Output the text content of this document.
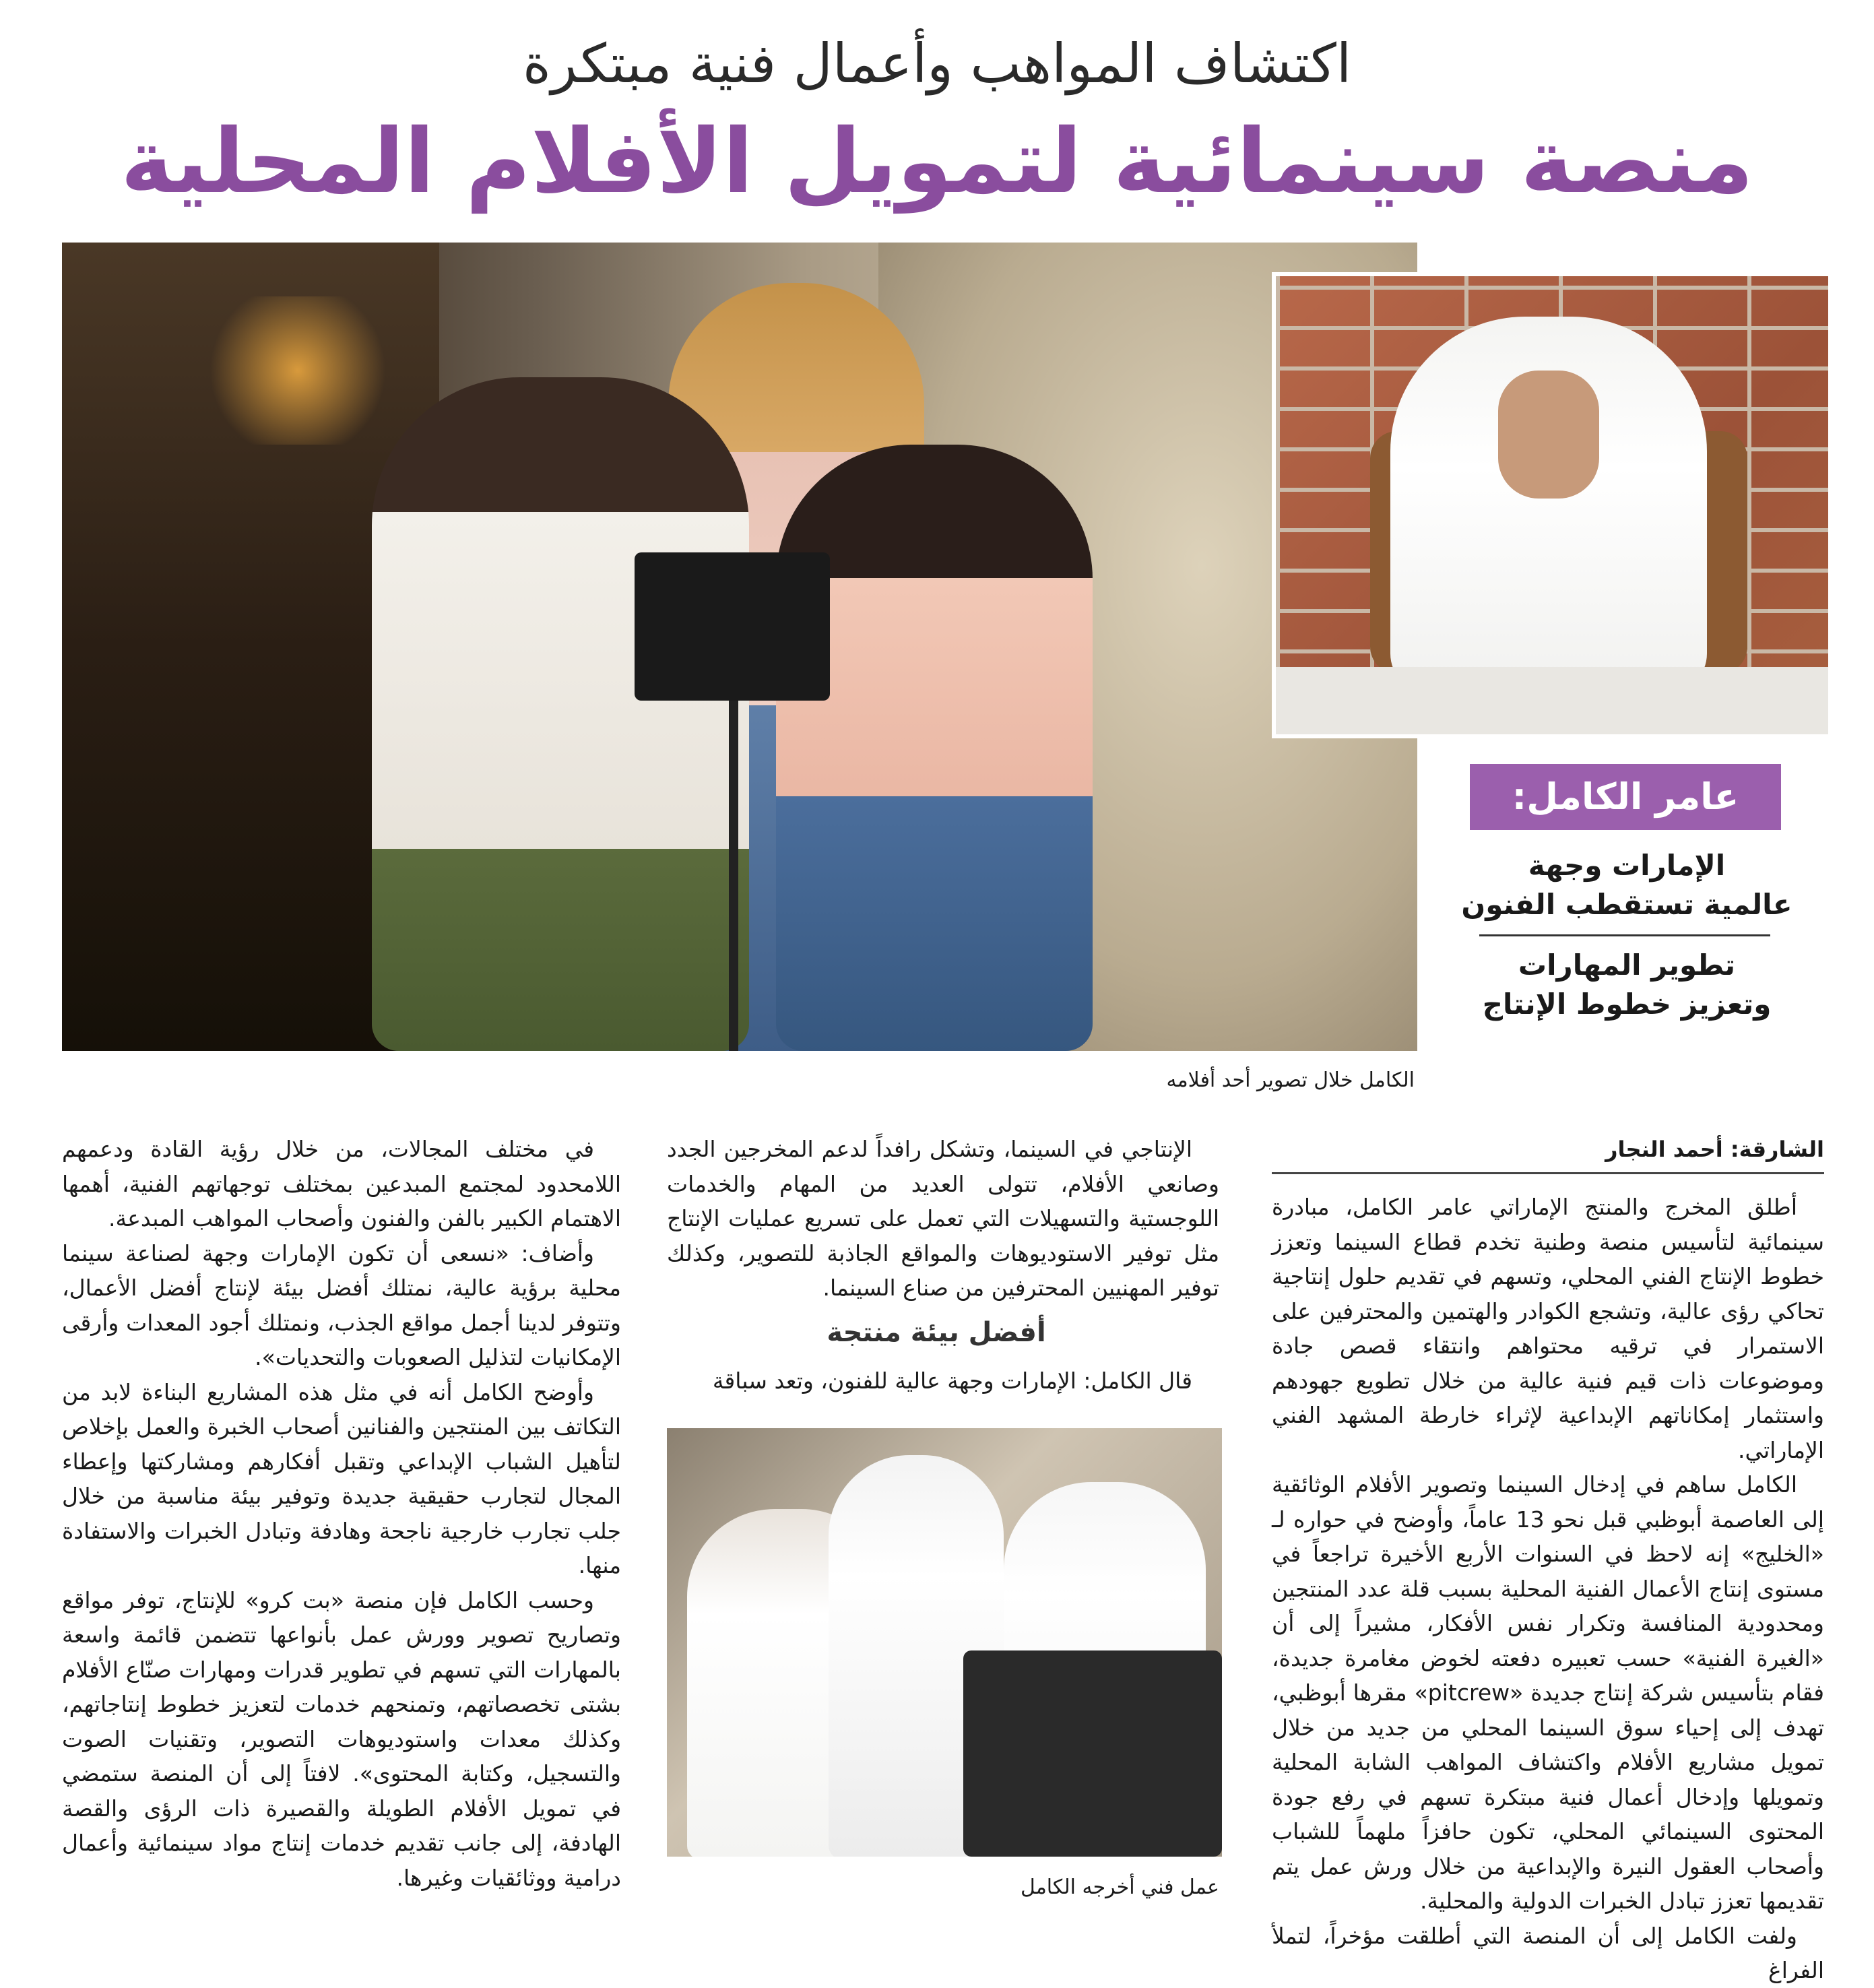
اكتشاف المواهب وأعمال فنية مبتكرة
منصة سينمائية لتمويل الأفلام المحلية
عامر الكامل:
الإمارات وجهة
عالمية تستقطب الفنون
تطوير المهارات
وتعزيز خطوط الإنتاج
الكامل خلال تصوير أحد أفلامه
الشارقة: أحمد النجار

أطلق المخرج والمنتج الإماراتي عامر الكامل، مبادرة سينمائية لتأسيس منصة وطنية تخدم قطاع السينما وتعزز خطوط الإنتاج الفني المحلي، وتسهم في تقديم حلول إنتاجية تحاكي رؤى عالية، وتشجع الكوادر والهتمين والمحترفين على الاستمرار في ترقيه محتواهم وانتقاء قصص جادة وموضوعات ذات قيم فنية عالية من خلال تطويع جهودهم واستثمار إمكاناتهم الإبداعية لإثراء خارطة المشهد الفني الإماراتي.

الكامل ساهم في إدخال السينما وتصوير الأفلام الوثائقية إلى العاصمة أبوظبي قبل نحو 13 عاماً، وأوضح في حواره لـ «الخليج» إنه لاحظ في السنوات الأربع الأخيرة تراجعاً في مستوى إنتاج الأعمال الفنية المحلية بسبب قلة عدد المنتجين ومحدودية المنافسة وتكرار نفس الأفكار، مشيراً إلى أن «الغيرة الفنية» حسب تعبيره دفعته لخوض مغامرة جديدة، فقام بتأسيس شركة إنتاج جديدة «pitcrew» مقرها أبوظبي، تهدف إلى إحياء سوق السينما المحلي من جديد من خلال تمويل مشاريع الأفلام واكتشاف المواهب الشابة المحلية وتمويلها وإدخال أعمال فنية مبتكرة تسهم في رفع جودة المحتوى السينمائي المحلي، تكون حافزاً ملهماً للشباب وأصحاب العقول النيرة والإبداعية من خلال ورش عمل يتم تقديمها تعزز تبادل الخبرات الدولية والمحلية.

ولفت الكامل إلى أن المنصة التي أطلقت مؤخراً، لتملأ الفراغ

الإنتاجي في السينما، وتشكل رافداً لدعم المخرجين الجدد وصانعي الأفلام، تتولى العديد من المهام والخدمات اللوجستية والتسهيلات التي تعمل على تسريع عمليات الإنتاج مثل توفير الاستوديوهات والمواقع الجاذبة للتصوير، وكذلك توفير المهنيين المحترفين من صناع السينما.

أفضل بيئة منتجة

قال الكامل: الإمارات وجهة عالية للفنون، وتعد سباقة

عمل فني أخرجه الكامل

في مختلف المجالات، من خلال رؤية القادة ودعمهم اللامحدود لمجتمع المبدعين بمختلف توجهاتهم الفنية، أهمها الاهتمام الكبير بالفن والفنون وأصحاب المواهب المبدعة.

وأضاف: «نسعى أن تكون الإمارات وجهة لصناعة سينما محلية برؤية عالية، نمتلك أفضل بيئة لإنتاج أفضل الأعمال، وتتوفر لدينا أجمل مواقع الجذب، ونمتلك أجود المعدات وأرقى الإمكانيات لتذليل الصعوبات والتحديات».

وأوضح الكامل أنه في مثل هذه المشاريع البناءة لابد من التكاتف بين المنتجين والفنانين أصحاب الخبرة والعمل بإخلاص لتأهيل الشباب الإبداعي وتقبل أفكارهم ومشاركتها وإعطاء المجال لتجارب حقيقية جديدة وتوفير بيئة مناسبة من خلال جلب تجارب خارجية ناجحة وهادفة وتبادل الخبرات والاستفادة منها.

وحسب الكامل فإن منصة «بت كرو» للإنتاج، توفر مواقع وتصاريح تصوير وورش عمل بأنواعها تتضمن قائمة واسعة بالمهارات التي تسهم في تطوير قدرات ومهارات صنّاع الأفلام بشتى تخصصاتهم، وتمنحهم خدمات لتعزيز خطوط إنتاجاتهم، وكذلك معدات واستوديوهات التصوير، وتقنيات الصوت والتسجيل، وكتابة المحتوى». لافتاً إلى أن المنصة ستمضي في تمويل الأفلام الطويلة والقصيرة ذات الرؤى والقصة الهادفة، إلى جانب تقديم خدمات إنتاج مواد سينمائية وأعمال درامية ووثائقيات وغيرها.
